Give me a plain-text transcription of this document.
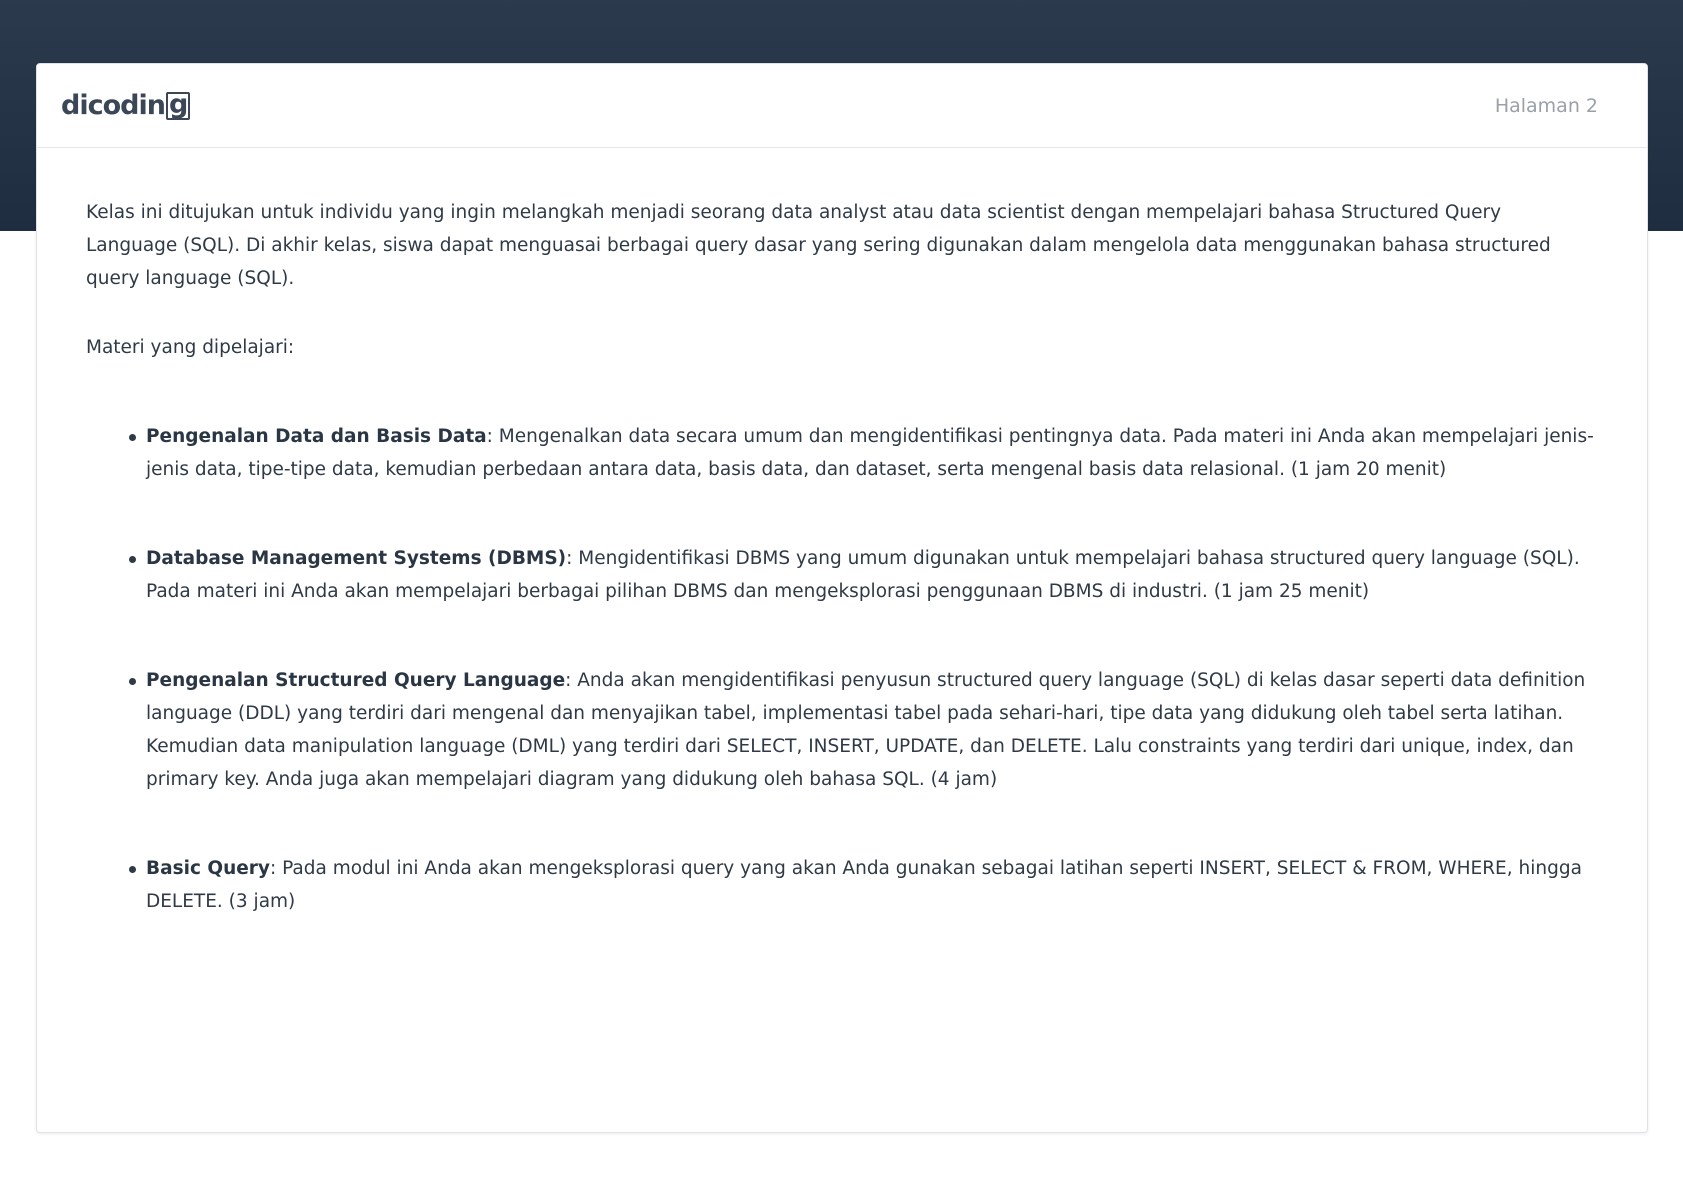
dicodin g	Halaman 2

Kelas ini ditujukan untuk individu yang ingin melangkah menjadi seorang data analyst atau data scientist dengan mempelajari bahasa Structured Query Language (SQL). Di akhir kelas, siswa dapat menguasai berbagai query dasar yang sering digunakan dalam mengelola data menggunakan bahasa structured query language (SQL).

Materi yang dipelajari:

Pengenalan Data dan Basis Data: Mengenalkan data secara umum dan mengidentifikasi pentingnya data. Pada materi ini Anda akan mempelajari jenis-jenis data, tipe-tipe data, kemudian perbedaan antara data, basis data, dan dataset, serta mengenal basis data relasional. (1 jam 20 menit)
Database Management Systems (DBMS): Mengidentifikasi DBMS yang umum digunakan untuk mempelajari bahasa structured query language (SQL). Pada materi ini Anda akan mempelajari berbagai pilihan DBMS dan mengeksplorasi penggunaan DBMS di industri. (1 jam 25 menit)
Pengenalan Structured Query Language: Anda akan mengidentifikasi penyusun structured query language (SQL) di kelas dasar seperti data definition language (DDL) yang terdiri dari mengenal dan menyajikan tabel, implementasi tabel pada sehari-hari, tipe data yang didukung oleh tabel serta latihan. Kemudian data manipulation language (DML) yang terdiri dari SELECT, INSERT, UPDATE, dan DELETE. Lalu constraints yang terdiri dari unique, index, dan primary key. Anda juga akan mempelajari diagram yang didukung oleh bahasa SQL. (4 jam)
Basic Query: Pada modul ini Anda akan mengeksplorasi query yang akan Anda gunakan sebagai latihan seperti INSERT, SELECT & FROM, WHERE, hingga DELETE. (3 jam)
